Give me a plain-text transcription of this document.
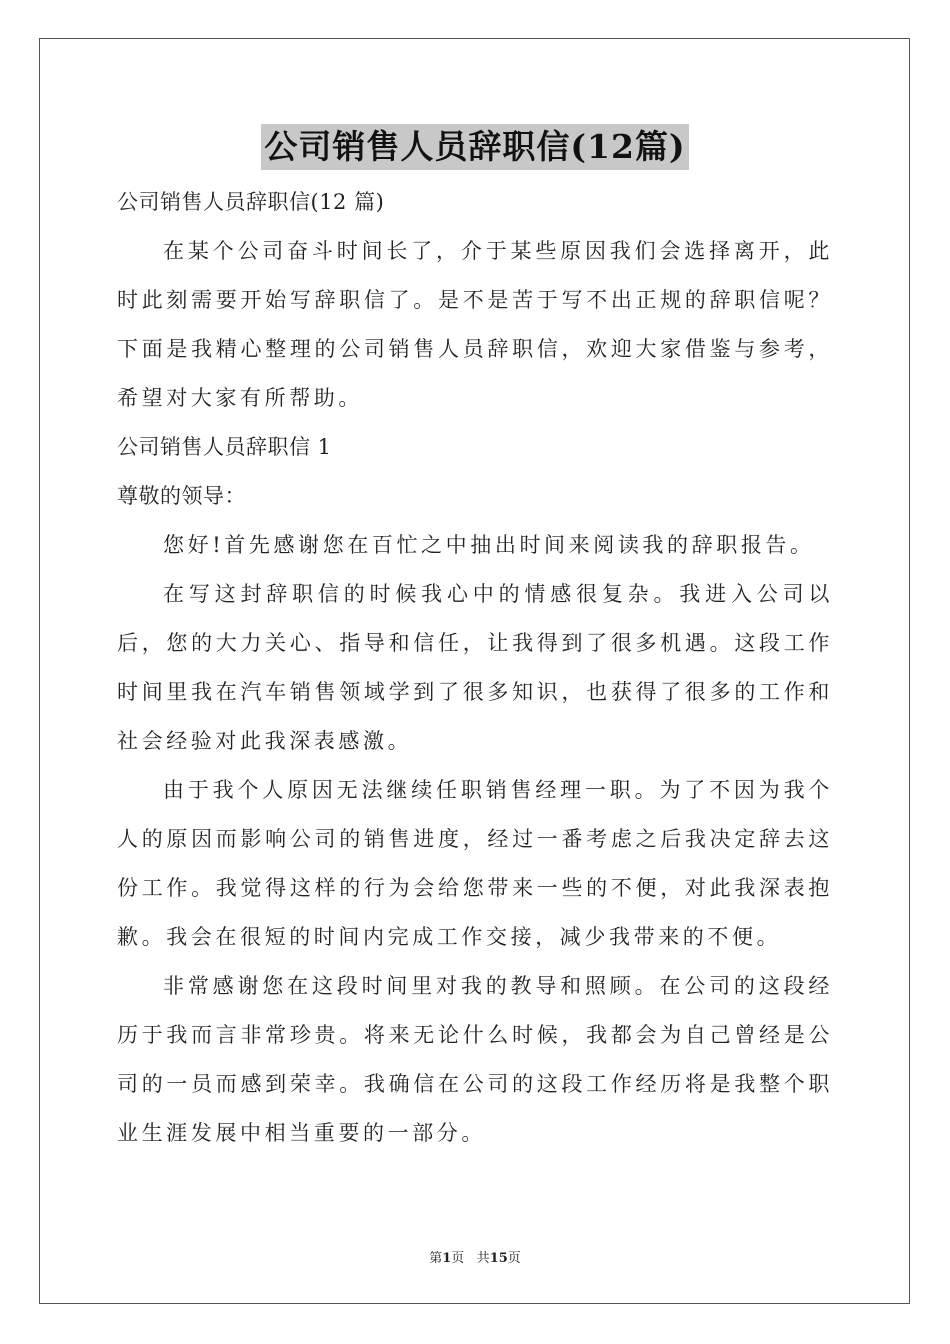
公司销售人员辞职信(12篇)

公司销售人员辞职信(12 篇)

在某个公司奋斗时间长了，介于某些原因我们会选择离开，此时此刻需要开始写辞职信了。是不是苦于写不出正规的辞职信呢？下面是我精心整理的公司销售人员辞职信，欢迎大家借鉴与参考，希望对大家有所帮助。

公司销售人员辞职信 1

尊敬的领导：

您好!首先感谢您在百忙之中抽出时间来阅读我的辞职报告。

在写这封辞职信的时候我心中的情感很复杂。我进入公司以后，您的大力关心、指导和信任，让我得到了很多机遇。这段工作时间里我在汽车销售领域学到了很多知识，也获得了很多的工作和社会经验对此我深表感激。

由于我个人原因无法继续任职销售经理一职。为了不因为我个人的原因而影响公司的销售进度，经过一番考虑之后我决定辞去这份工作。我觉得这样的行为会给您带来一些的不便，对此我深表抱歉。我会在很短的时间内完成工作交接，减少我带来的不便。

非常感谢您在这段时间里对我的教导和照顾。在公司的这段经历于我而言非常珍贵。将来无论什么时候，我都会为自己曾经是公司的一员而感到荣幸。我确信在公司的这段工作经历将是我整个职业生涯发展中相当重要的一部分。

第1页 共15页
